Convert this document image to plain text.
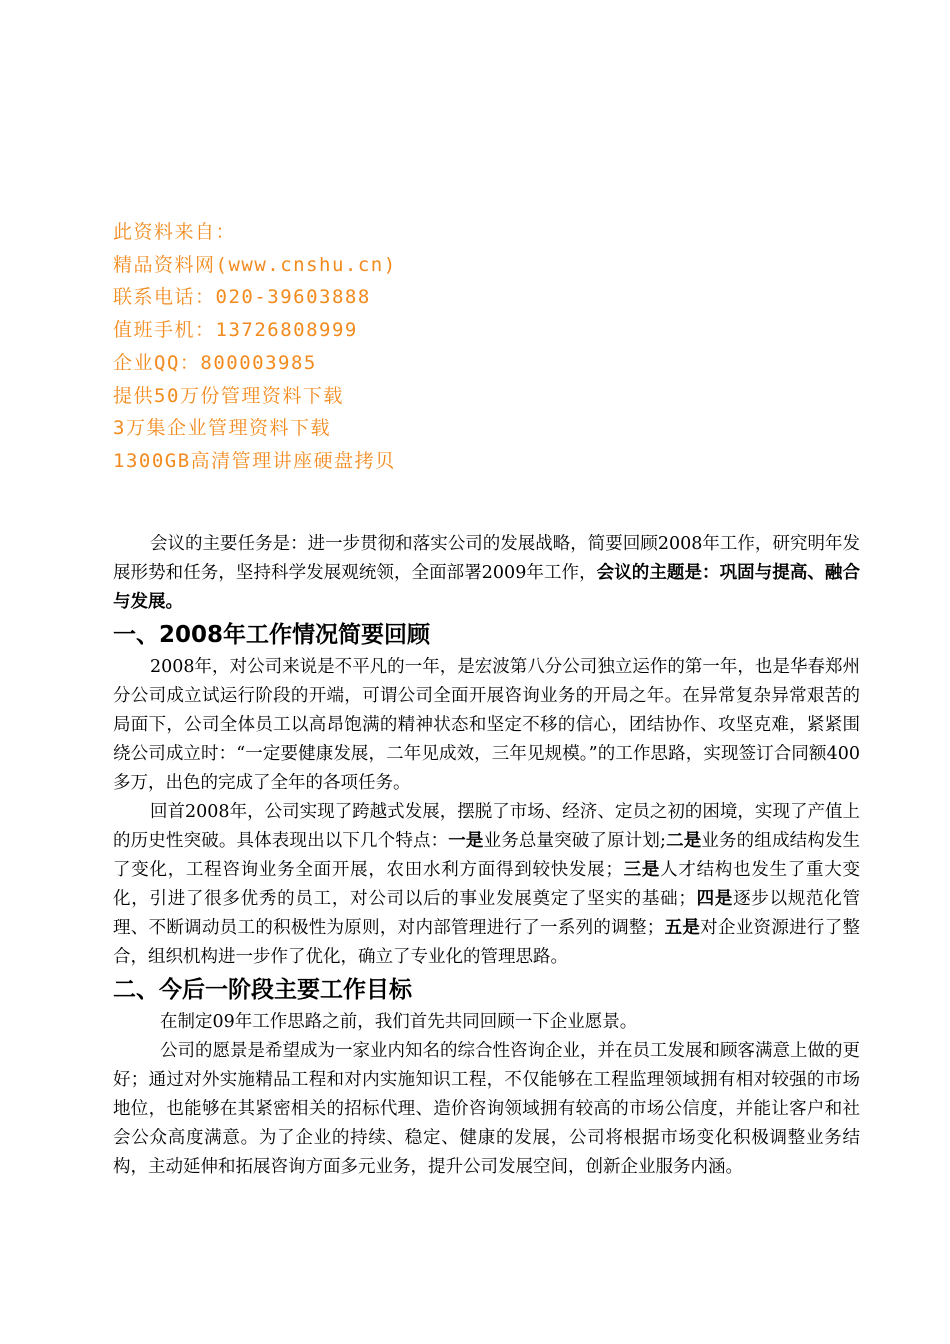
此资料来自：
精品资料网(www.cnshu.cn)
联系电话：020-39603888
值班手机：13726808999
企业QQ：800003985
提供50万份管理资料下载
3万集企业管理资料下载
1300GB高清管理讲座硬盘拷贝

会议的主要任务是：进一步贯彻和落实公司的发展战略，简要回顾2008年工作，研究明年发展形势和任务，坚持科学发展观统领，全面部署2009年工作，会议的主题是：巩固与提高、融合与发展。

一、2008年工作情况简要回顾

2008年，对公司来说是不平凡的一年，是宏波第八分公司独立运作的第一年，也是华春郑州分公司成立试运行阶段的开端，可谓公司全面开展咨询业务的开局之年。在异常复杂异常艰苦的局面下，公司全体员工以高昂饱满的精神状态和坚定不移的信心，团结协作、攻坚克难，紧紧围绕公司成立时：“一定要健康发展，二年见成效，三年见规模。”的工作思路，实现签订合同额400多万，出色的完成了全年的各项任务。

回首2008年，公司实现了跨越式发展，摆脱了市场、经济、定员之初的困境，实现了产值上的历史性突破。具体表现出以下几个特点：一是业务总量突破了原计划;二是业务的组成结构发生了变化，工程咨询业务全面开展，农田水利方面得到较快发展；三是人才结构也发生了重大变化，引进了很多优秀的员工，对公司以后的事业发展奠定了坚实的基础；四是逐步以规范化管理、不断调动员工的积极性为原则，对内部管理进行了一系列的调整；五是对企业资源进行了整合，组织机构进一步作了优化，确立了专业化的管理思路。

二、今后一阶段主要工作目标

在制定09年工作思路之前，我们首先共同回顾一下企业愿景。

公司的愿景是希望成为一家业内知名的综合性咨询企业，并在员工发展和顾客满意上做的更好；通过对外实施精品工程和对内实施知识工程，不仅能够在工程监理领域拥有相对较强的市场地位，也能够在其紧密相关的招标代理、造价咨询领域拥有较高的市场公信度，并能让客户和社会公众高度满意。为了企业的持续、稳定、健康的发展，公司将根据市场变化积极调整业务结构，主动延伸和拓展咨询方面多元业务，提升公司发展空间，创新企业服务内涵。
